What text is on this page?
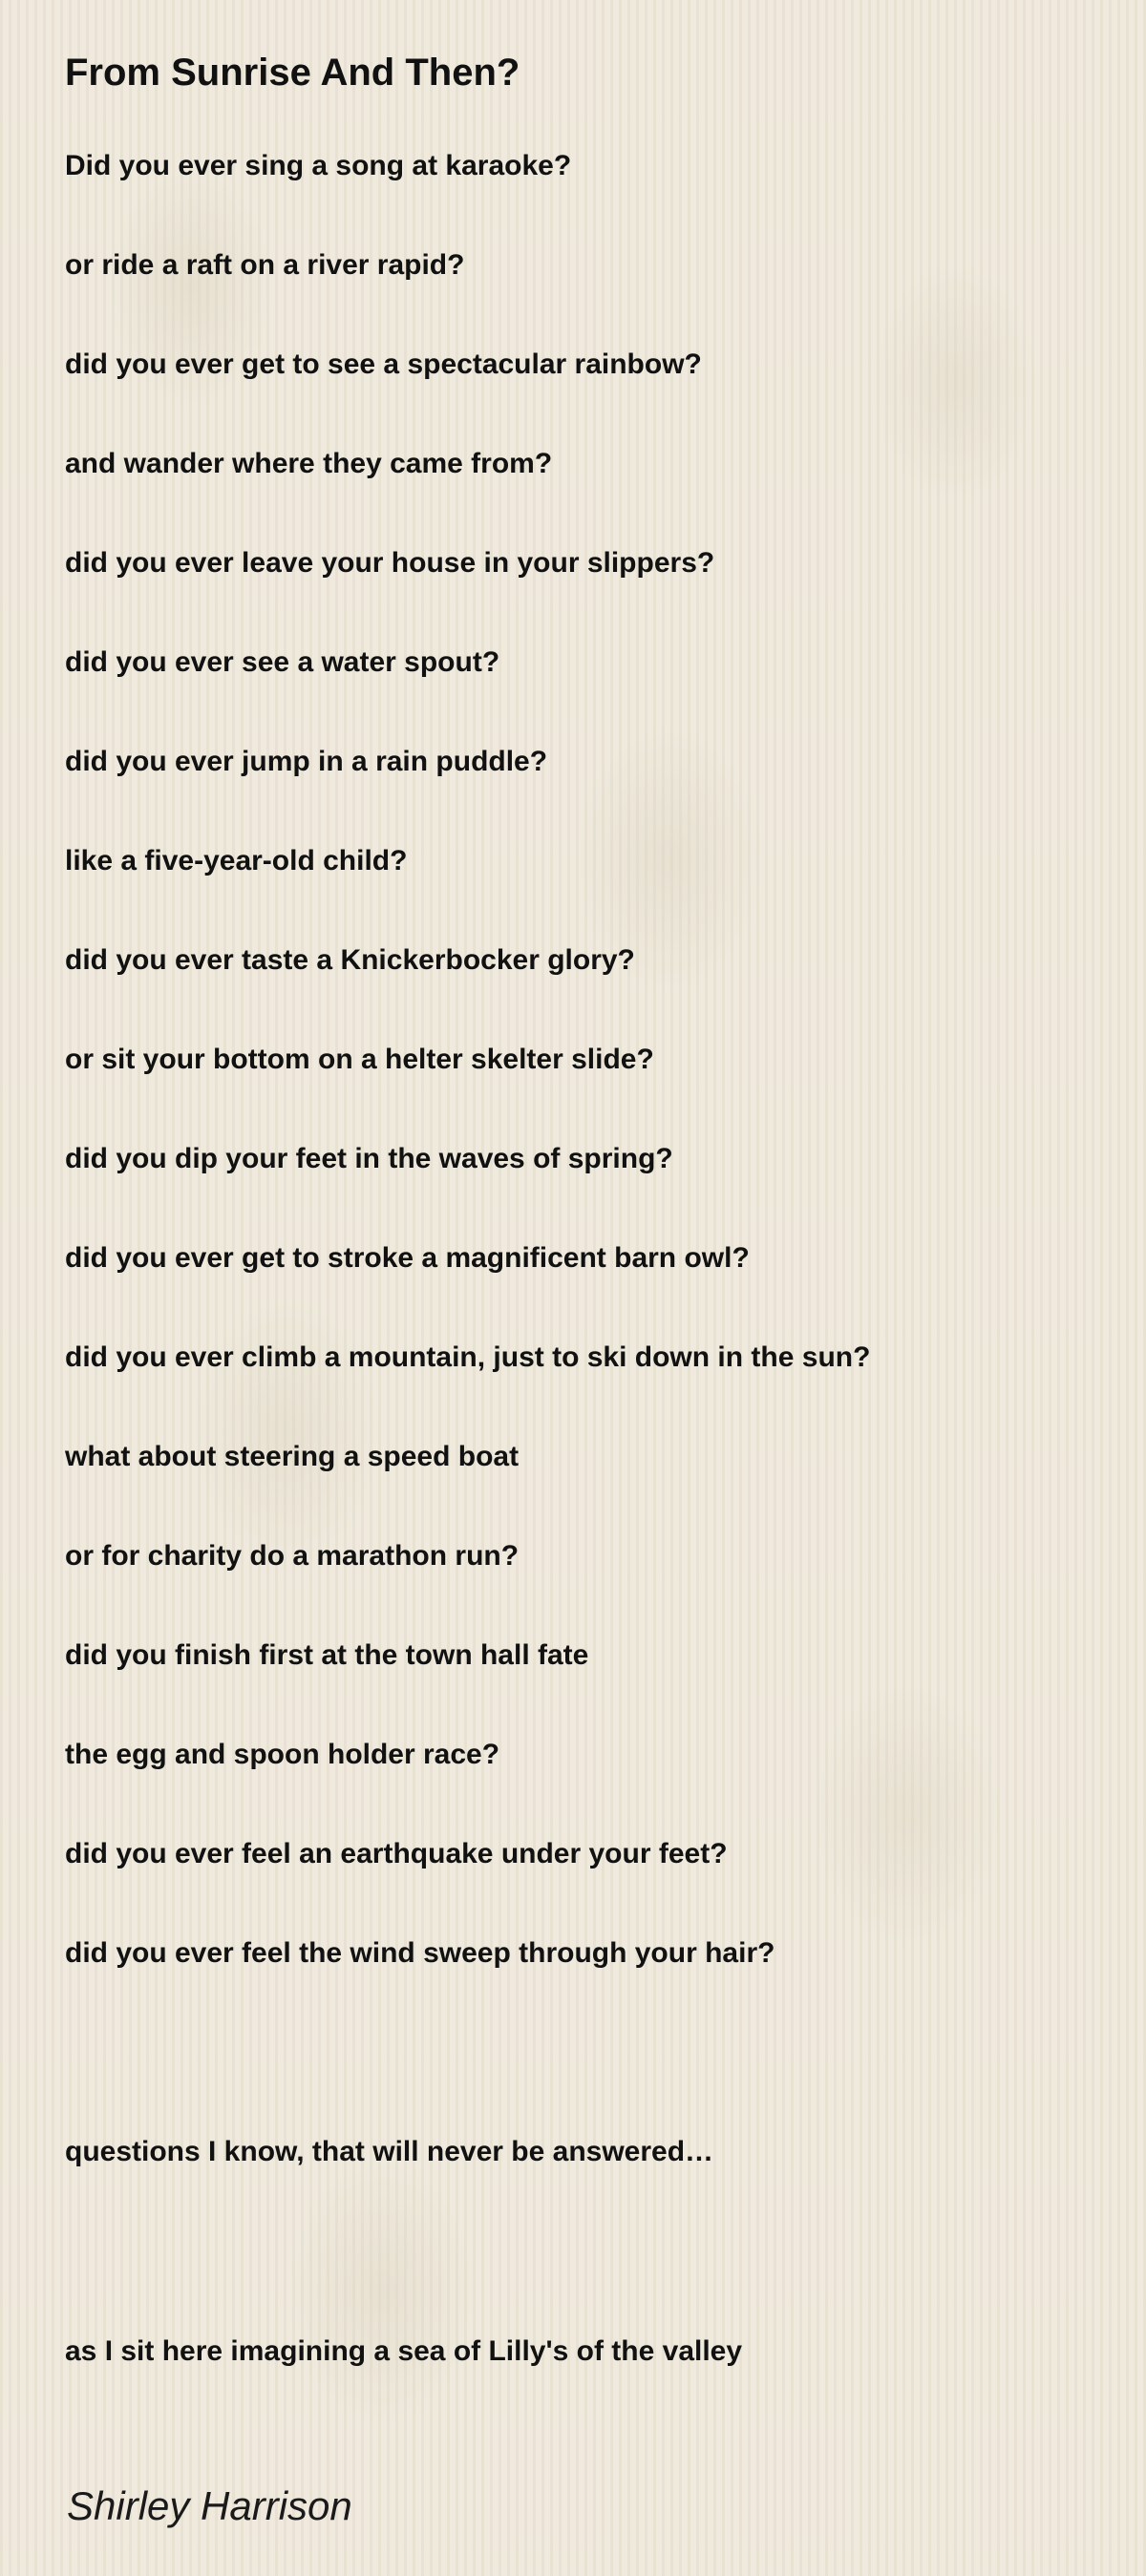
From Sunrise And Then?

Did you ever sing a song at karaoke?

or ride a raft on a river rapid?

did you ever get to see a spectacular rainbow?

and wander where they came from?

did you ever leave your house in your slippers?

did you ever see a water spout?

did you ever jump in a rain puddle?

like a five-year-old child?

did you ever taste a Knickerbocker glory?

or sit your bottom on a helter skelter slide?

did you dip your feet in the waves of spring?

did you ever get to stroke a magnificent barn owl?

did you ever climb a mountain, just to ski down in the sun?

what about steering a speed boat

or for charity do a marathon run?

did you finish first at the town hall fate

the egg and spoon holder race?

did you ever feel an earthquake under your feet?

did you ever feel the wind sweep through your hair?

questions I know, that will never be answered…

as I sit here imagining a sea of Lilly's of the valley

Shirley Harrison
